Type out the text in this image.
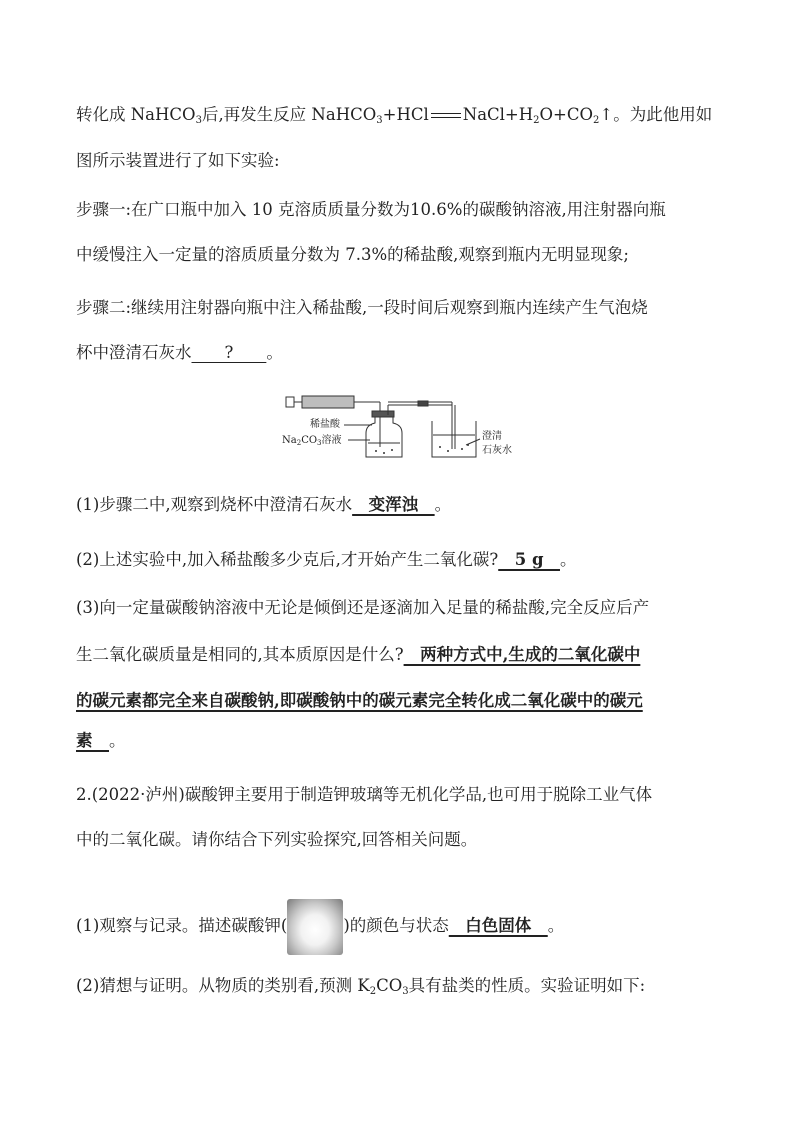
转化成 NaHCO$_3$后,再发生反应 NaHCO$_3$+HCl $NaCl+H_2O+CO_2↑$。为此他用如
图所示装置进行了如下实验:
步骤一:在广口瓶中加入 10 克溶质质量分数为10.6%的碳酸钠溶液,用注射器向瓶
中缓慢注入一定量的溶质质量分数为 7.3%的稀盐酸,观察到瓶内无明显现象;
步骤二:继续用注射器向瓶中注入稀盐酸,一段时间后观察到瓶内连续产生气泡烧
杯中澄清石灰水　　?　　。
稀盐酸
$Na_2CO_3$溶液	澄清
石灰水
(1)步骤二中,观察到烧杯中澄清石灰水　变浑浊　。
(2)上述实验中,加入稀盐酸多少克后,才开始产生二氧化碳?　5 g　。
(3)向一定量碳酸钠溶液中无论是倾倒还是逐滴加入足量的稀盐酸,完全反应后产
生二氧化碳质量是相同的,其本质原因是什么?　两种方式中,生成的二氧化碳中
的碳元素都完全来自碳酸钠,即碳酸钠中的碳元素完全转化成二氧化碳中的碳元
素　。
2.(2022·泸州)碳酸钾主要用于制造钾玻璃等无机化学品,也可用于脱除工业气体
中的二氧化碳。请你结合下列实验探究,回答相关问题。
(1)观察与记录。描述碳酸钾(	)的颜色与状态　白色固体　。
(2)猜想与证明。从物质的类别看,预测 $K_2CO_3$具有盐类的性质。实验证明如下:
